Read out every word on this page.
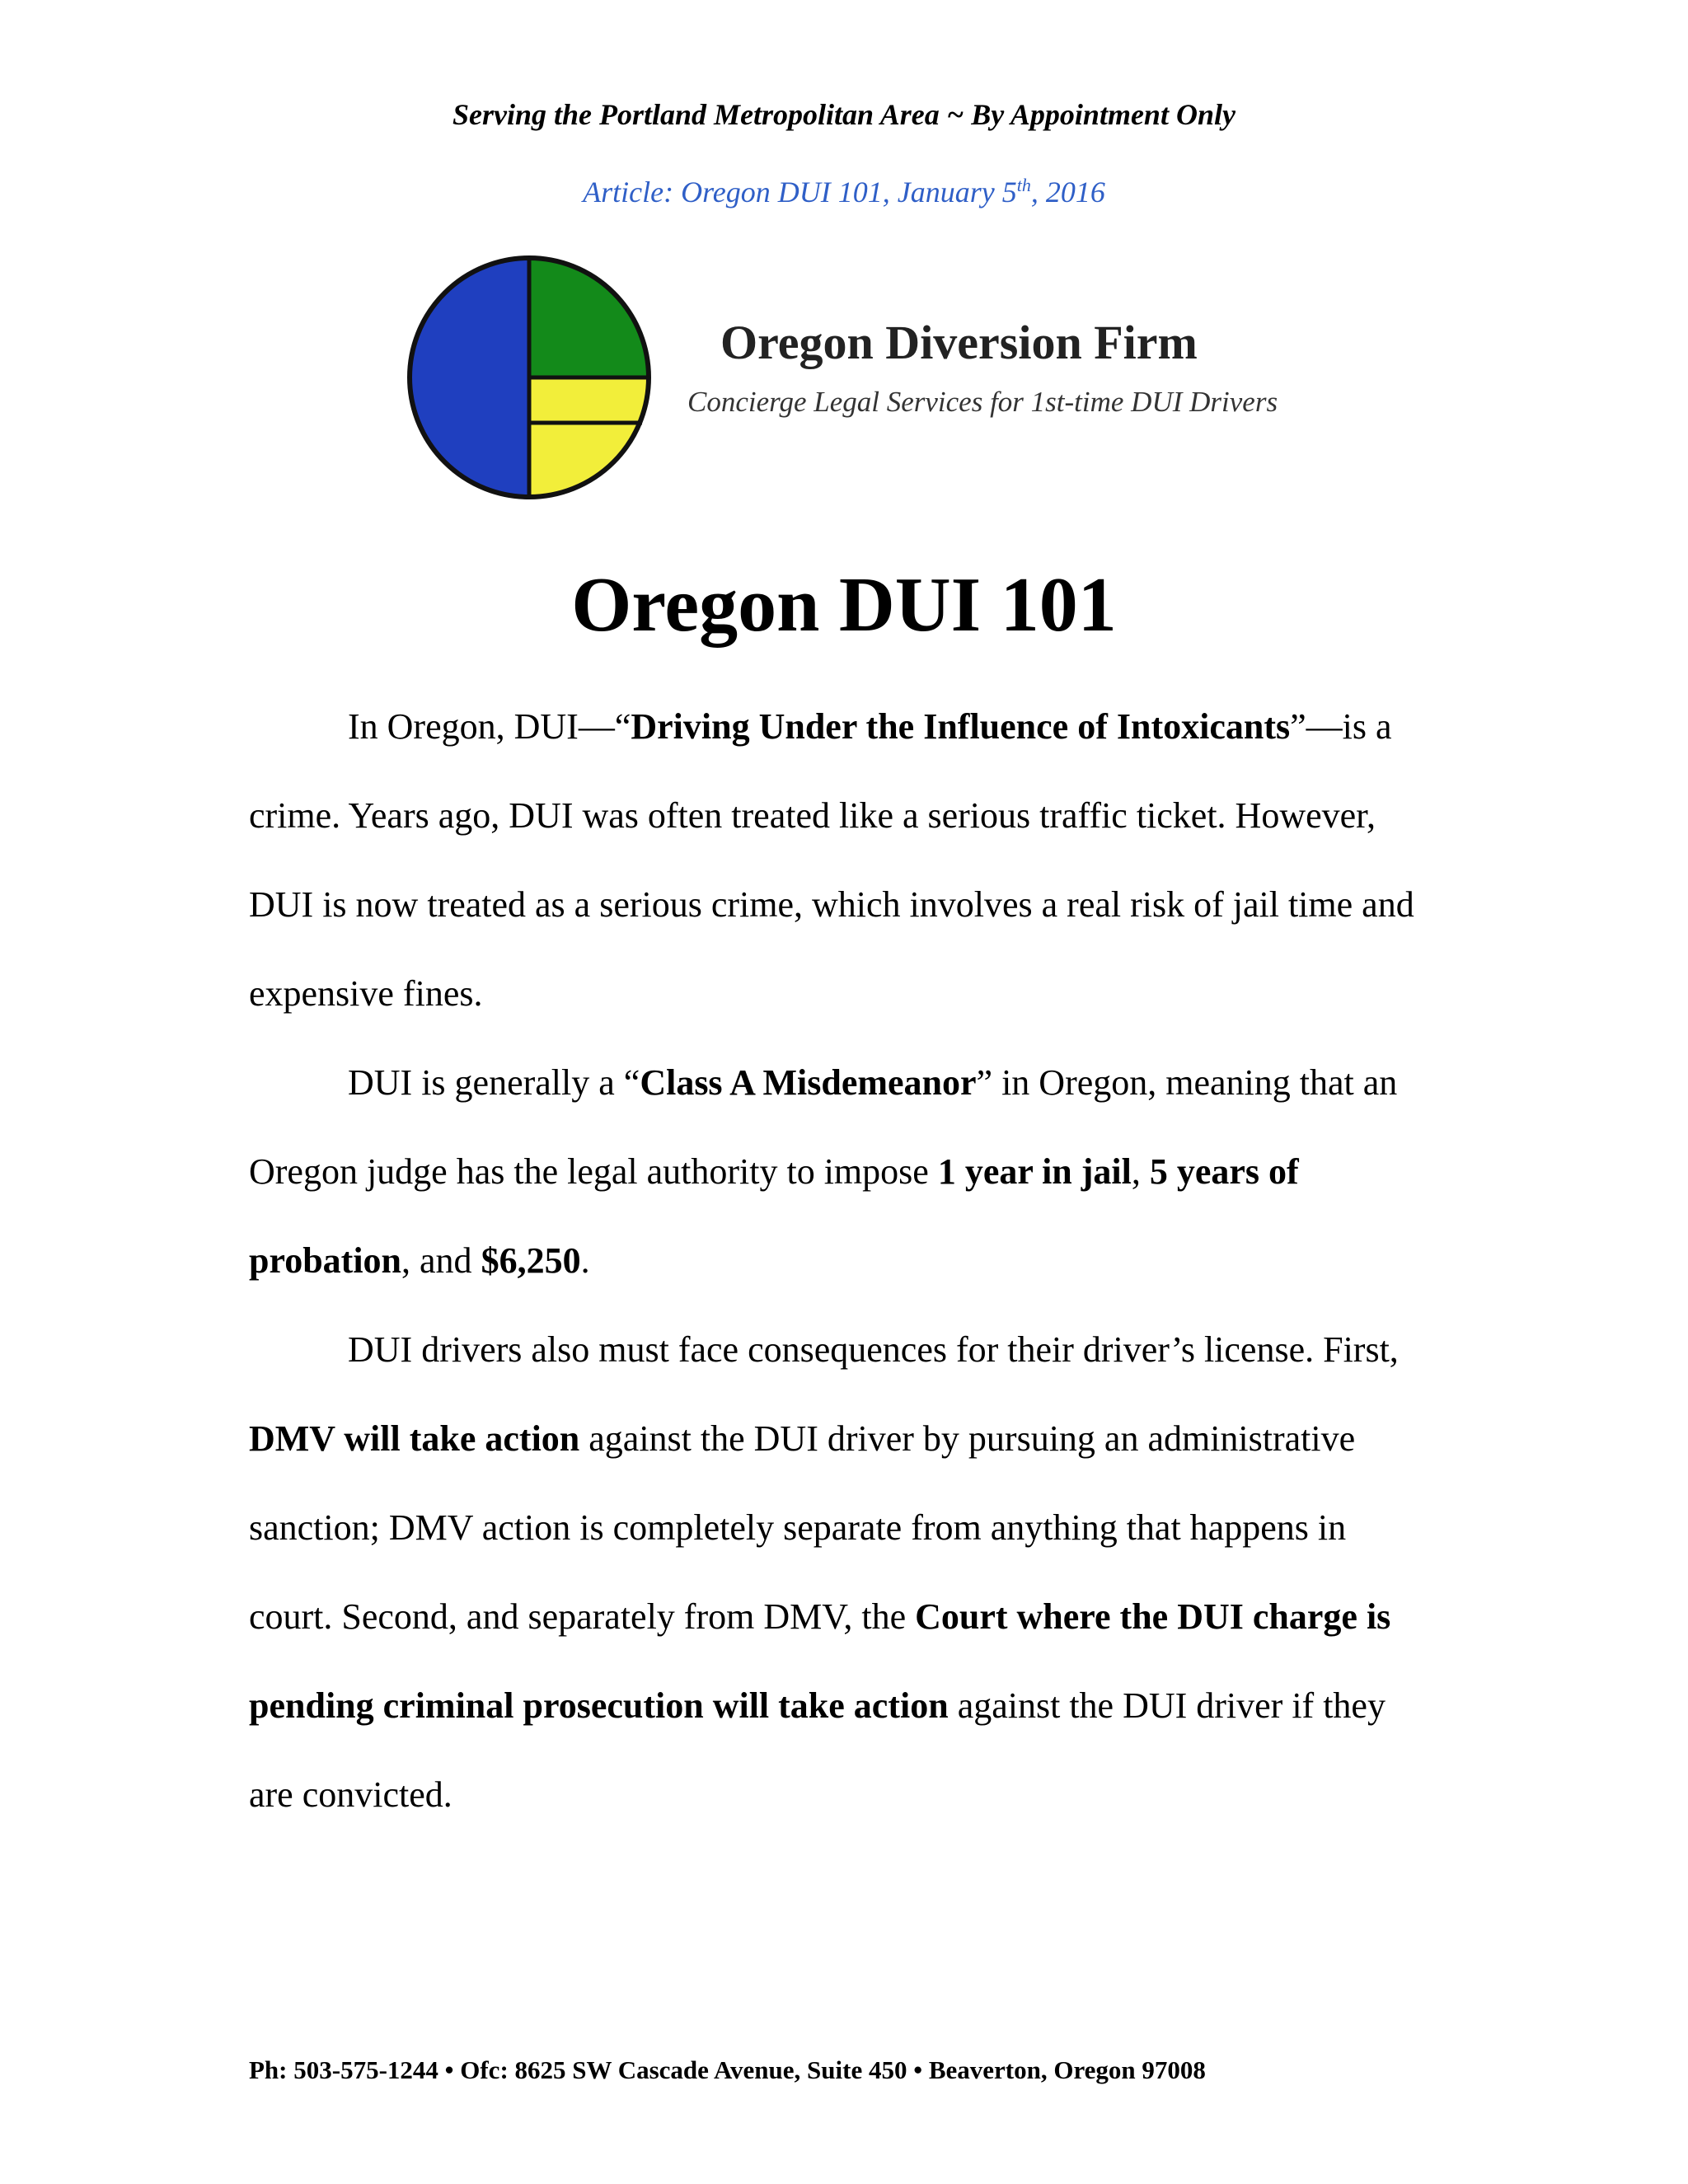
Serving the Portland Metropolitan Area ~ By Appointment Only
Article: Oregon DUI 101, January 5th, 2016
Oregon Diversion Firm
Concierge Legal Services for 1st-time DUI Drivers
Oregon DUI 101

In Oregon, DUI—“Driving Under the Influence of Intoxicants”—is a crime. Years ago, DUI was often treated like a serious traffic ticket. However, DUI is now treated as a serious crime, which involves a real risk of jail time and expensive fines.

DUI is generally a “Class A Misdemeanor” in Oregon, meaning that an Oregon judge has the legal authority to impose 1 year in jail, 5 years of probation, and $6,250.

DUI drivers also must face consequences for their driver’s license. First, DMV will take action against the DUI driver by pursuing an administrative sanction; DMV action is completely separate from anything that happens in court. Second, and separately from DMV, the Court where the DUI charge is pending criminal prosecution will take action against the DUI driver if they are convicted.

Ph: 503-575-1244 • Ofc: 8625 SW Cascade Avenue, Suite 450 • Beaverton, Oregon 97008
